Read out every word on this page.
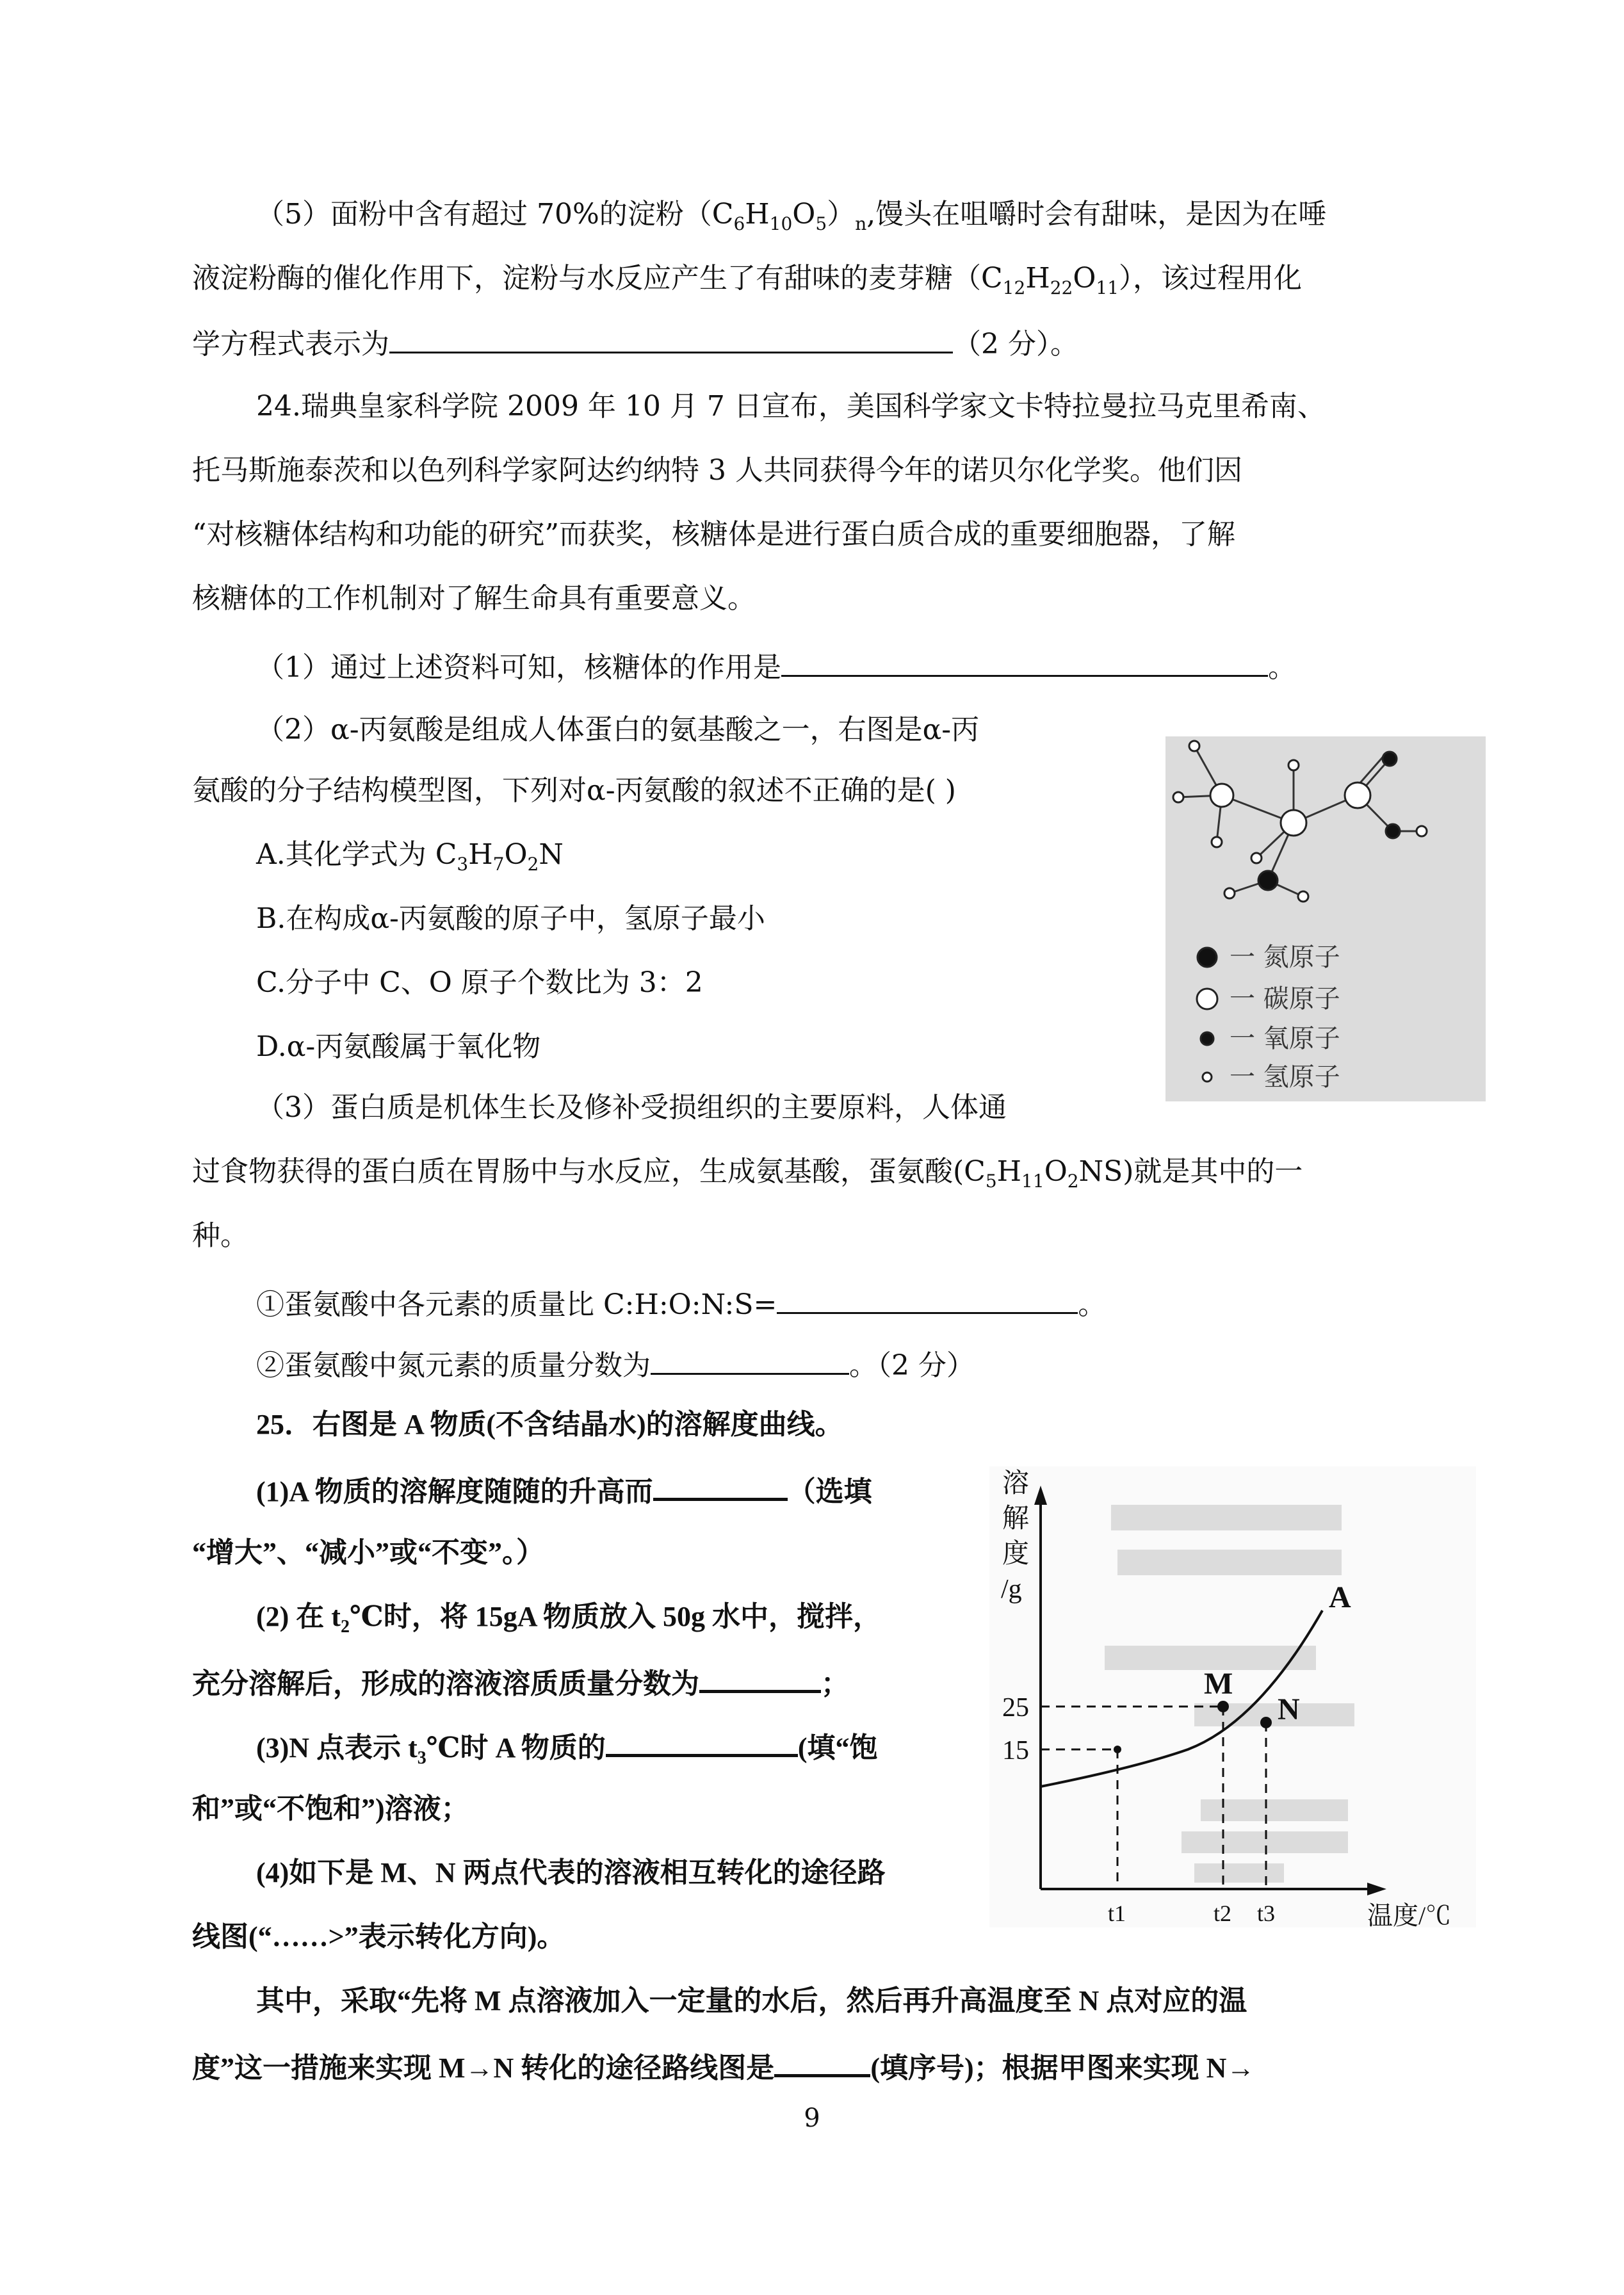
（5）面粉中含有超过 70%的淀粉$(C_6H_{10}O_5)_n$,馒头在咀嚼时会有甜味，是因为在唾
液淀粉酶的催化作用下，淀粉与水反应产生了有甜味的麦芽糖$(C_{12}H_{22}O_{11})$，该过程用化
学方程式表示为	（2 分）。
24.瑞典皇家科学院 2009 年 10 月 7 日宣布，美国科学家文卡特拉曼拉马克里希南、
托马斯施泰茨和以色列科学家阿达约纳特 3 人共同获得今年的诺贝尔化学奖。他们因
“对核糖体结构和功能的研究”而获奖，核糖体是进行蛋白质合成的重要细胞器，了解
核糖体的工作机制对了解生命具有重要意义。
（1）通过上述资料可知，核糖体的作用是	。
（2）α-丙氨酸是组成人体蛋白的氨基酸之一，右图是α-丙
氨酸的分子结构模型图，下列对α-丙氨酸的叙述不正确的是( )
A.其化学式为 $C_3H_7O_2N$
B.在构成α-丙氨酸的原子中，氢原子最小
C.分子中 C、O 原子个数比为 3：2
D.α-丙氨酸属于氧化物
（3）蛋白质是机体生长及修补受损组织的主要原料，人体通
过食物获得的蛋白质在胃肠中与水反应，生成氨基酸，蛋氨酸$(C_5H_{11}O_2NS)$就是其中的一
种。
①蛋氨酸中各元素的质量比 C:H:O:N:S=	。
②蛋氨酸中氮元素的质量分数为	。（2 分）
一 氮原子
一 碳原子
一 氧原子
一 氢原子
25．右图是 A 物质(不含结晶水)的溶解度曲线。
(1)A 物质的溶解度随随的升高而	（选填
“增大”、“减小”或“不变”。）
(2) 在 $t_2℃$时，将 15gA 物质放入 50g 水中，搅拌，
充分溶解后，形成的溶液溶质质量分数为	；
(3)N 点表示 $t_3℃$时 A 物质的	(填“饱
和”或“不饱和”)溶液；
(4)如下是 M、N 两点代表的溶液相互转化的途径路
线图(“……>”表示转化方向)。
其中，采取“先将 M 点溶液加入一定量的水后，然后再升高温度至 N 点对应的温
度”这一措施来实现 M→N 转化的途径路线图是	(填序号)；根据甲图来实现 N→
溶
解
度
/g
25
15
A
M
N
t1	t2 t3	温度/℃
9
